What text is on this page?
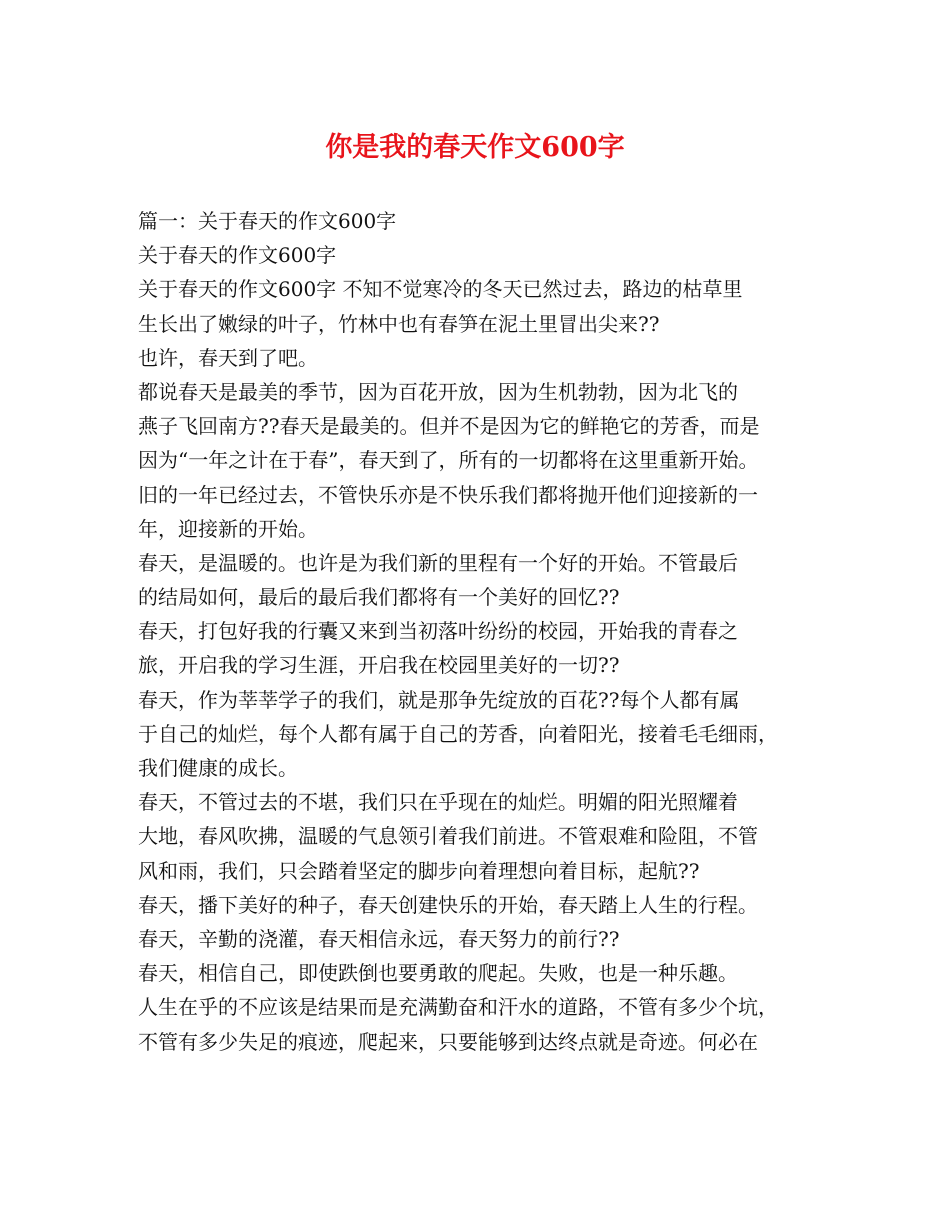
你是我的春天作文600字
篇一：关于春天的作文600字
关于春天的作文600字
关于春天的作文600字 不知不觉寒冷的冬天已然过去，路边的枯草里
生长出了嫩绿的叶子，竹林中也有春笋在泥土里冒出尖来??
也许，春天到了吧。
都说春天是最美的季节，因为百花开放，因为生机勃勃，因为北飞的
燕子飞回南方??春天是最美的。但并不是因为它的鲜艳它的芳香，而是
因为“一年之计在于春”，春天到了，所有的一切都将在这里重新开始。
旧的一年已经过去，不管快乐亦是不快乐我们都将抛开他们迎接新的一
年，迎接新的开始。
春天，是温暖的。也许是为我们新的里程有一个好的开始。不管最后
的结局如何，最后的最后我们都将有一个美好的回忆??
春天，打包好我的行囊又来到当初落叶纷纷的校园，开始我的青春之
旅，开启我的学习生涯，开启我在校园里美好的一切??
春天，作为莘莘学子的我们，就是那争先绽放的百花??每个人都有属
于自己的灿烂，每个人都有属于自己的芳香，向着阳光，接着毛毛细雨，
我们健康的成长。
春天，不管过去的不堪，我们只在乎现在的灿烂。明媚的阳光照耀着
大地，春风吹拂，温暖的气息领引着我们前进。不管艰难和险阻，不管
风和雨，我们，只会踏着坚定的脚步向着理想向着目标，起航??
春天，播下美好的种子，春天创建快乐的开始，春天踏上人生的行程。
春天，辛勤的浇灌，春天相信永远，春天努力的前行??
春天，相信自己，即使跌倒也要勇敢的爬起。失败，也是一种乐趣。
人生在乎的不应该是结果而是充满勤奋和汗水的道路，不管有多少个坑，
不管有多少失足的痕迹，爬起来，只要能够到达终点就是奇迹。何必在
